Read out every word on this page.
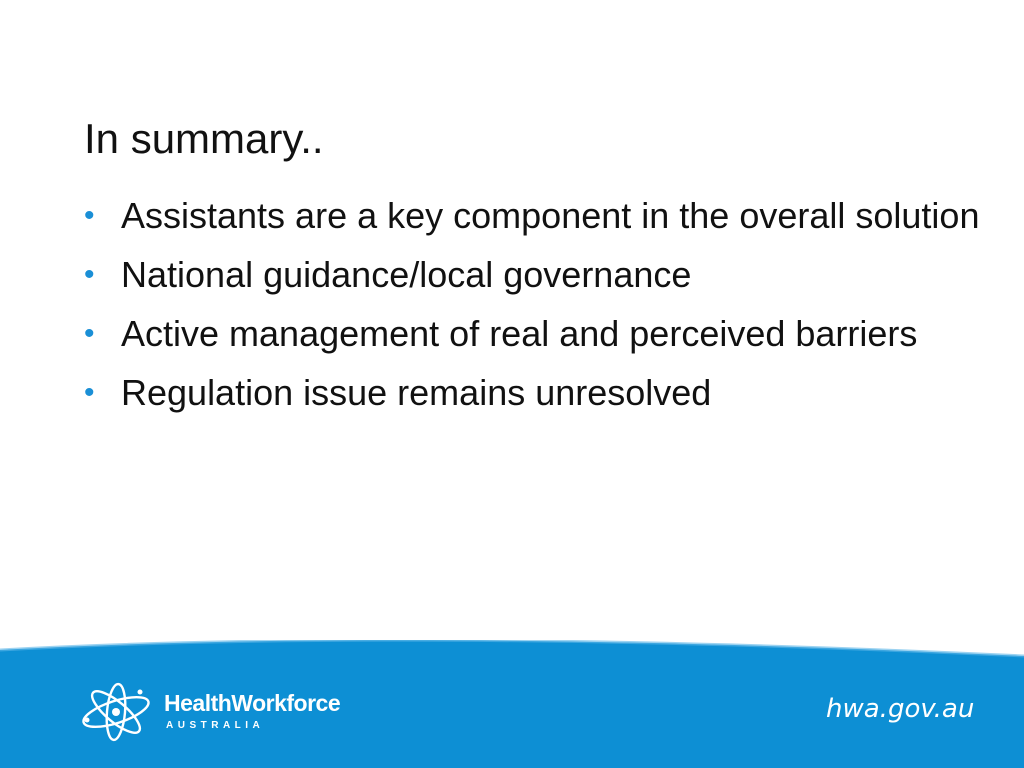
In summary..
• Assistants are a key component in the overall solution
• National guidance/local governance
• Active management of real and perceived barriers
• Regulation issue remains unresolved
HealthWorkforce
AUSTRALIA
hwa.gov.au
